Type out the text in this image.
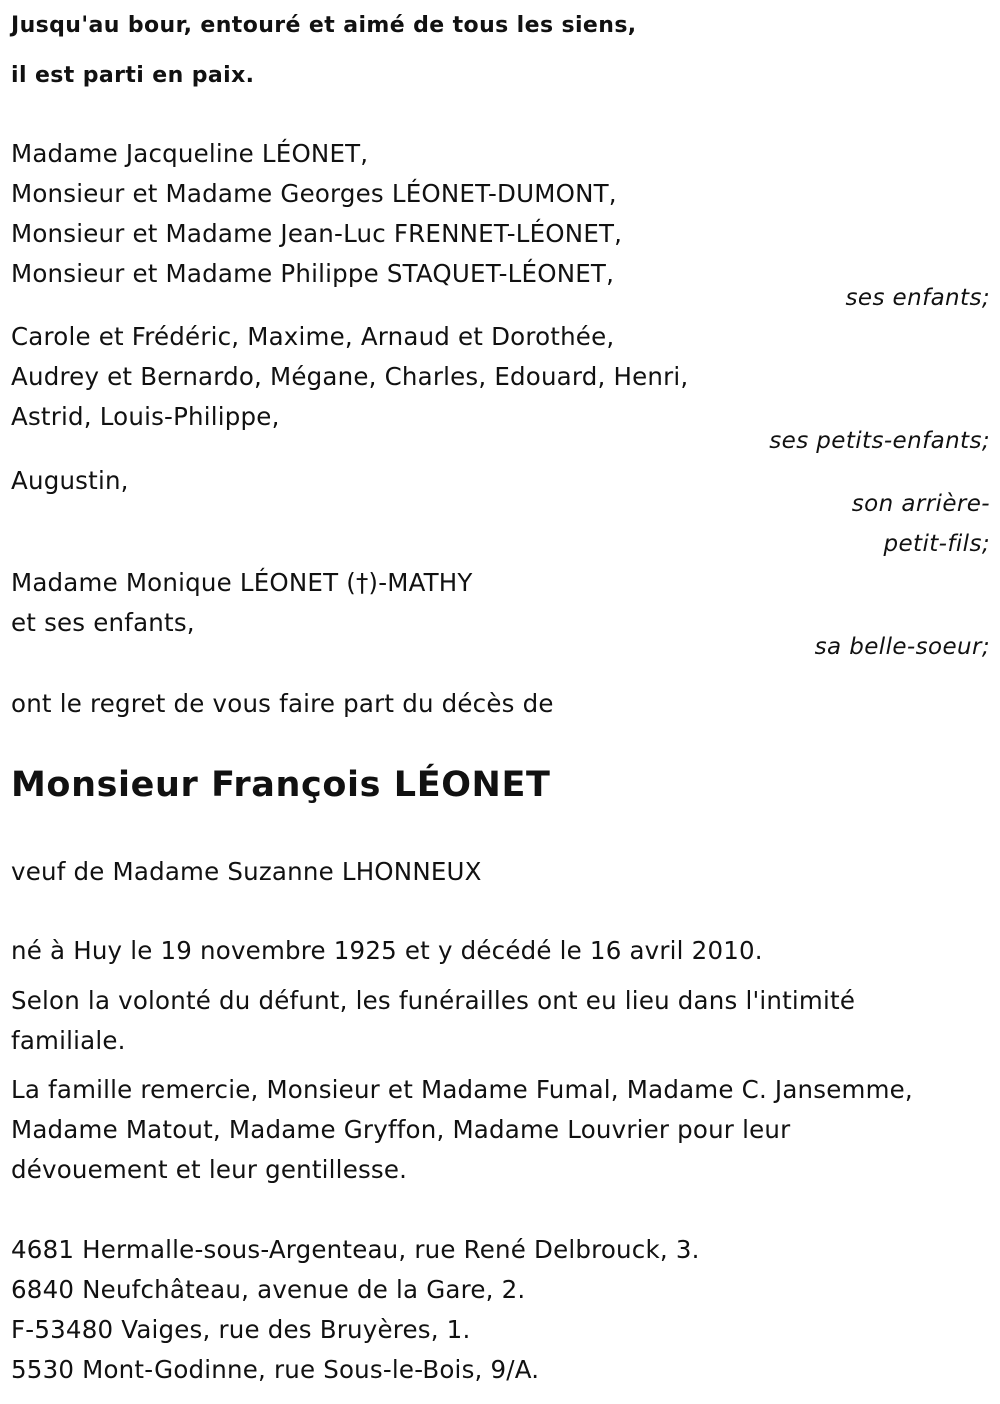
Jusqu'au bour, entouré et aimé de tous les siens,
il est parti en paix.
Madame Jacqueline LÉONET,
Monsieur et Madame Georges LÉONET-DUMONT,
Monsieur et Madame Jean-Luc FRENNET-LÉONET,
Monsieur et Madame Philippe STAQUET-LÉONET,
ses enfants;
Carole et Frédéric, Maxime, Arnaud et Dorothée,
Audrey et Bernardo, Mégane, Charles, Edouard, Henri,
Astrid, Louis-Philippe,
ses petits-enfants;
Augustin,
son arrière-
petit-fils;
Madame Monique LÉONET (†)-MATHY
et ses enfants,
sa belle-soeur;
ont le regret de vous faire part du décès de
Monsieur François LÉONET
veuf de Madame Suzanne LHONNEUX
né à Huy le 19 novembre 1925 et y décédé le 16 avril 2010.
Selon la volonté du défunt, les funérailles ont eu lieu dans l'intimité
familiale.
La famille remercie, Monsieur et Madame Fumal, Madame C. Jansemme,
Madame Matout, Madame Gryffon, Madame Louvrier pour leur
dévouement et leur gentillesse.
4681 Hermalle-sous-Argenteau, rue René Delbrouck, 3.
6840 Neufchâteau, avenue de la Gare, 2.
F-53480 Vaiges, rue des Bruyères, 1.
5530 Mont-Godinne, rue Sous-le-Bois, 9/A.
